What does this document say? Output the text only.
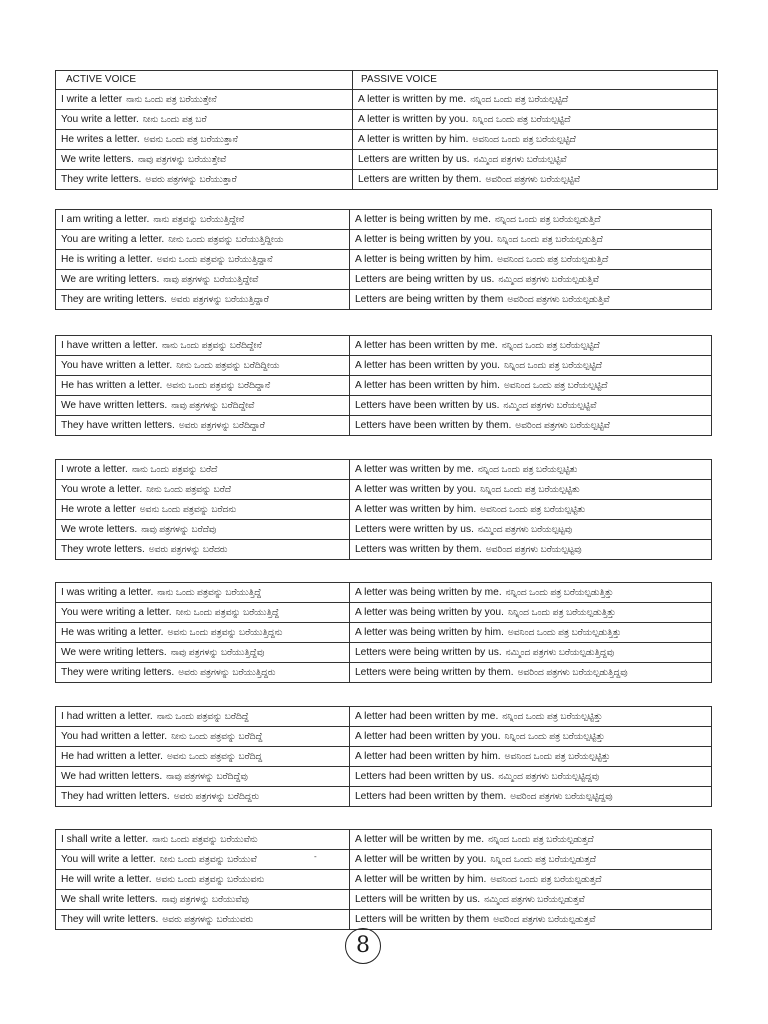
ACTIVE VOICE	PASSIVE VOICE
I write a letter ನಾನು ಒಂದು ಪತ್ರ ಬರೆಯುತ್ತೇನೆ	A letter is written by me. ನನ್ನಿಂದ ಒಂದು ಪತ್ರ ಬರೆಯಲ್ಪಟ್ಟಿದೆ
You write a letter. ನೀನು ಒಂದು ಪತ್ರ ಬರೆ	A letter is written by you. ನಿನ್ನಿಂದ ಒಂದು ಪತ್ರ ಬರೆಯಲ್ಪಟ್ಟಿದೆ
He writes a letter. ಅವನು ಒಂದು ಪತ್ರ ಬರೆಯುತ್ತಾನೆ	A letter is written by him. ಅವನಿಂದ ಒಂದು ಪತ್ರ ಬರೆಯಲ್ಪಟ್ಟಿದೆ
We write letters. ನಾವು ಪತ್ರಗಳನ್ನು ಬರೆಯುತ್ತೇವೆ	Letters are written by us. ನಮ್ಮಿಂದ ಪತ್ರಗಳು ಬರೆಯಲ್ಪಟ್ಟಿವೆ
They write letters. ಅವರು ಪತ್ರಗಳನ್ನು ಬರೆಯುತ್ತಾರೆ	Letters are written by them. ಅವರಿಂದ ಪತ್ರಗಳು ಬರೆಯಲ್ಪಟ್ಟಿವೆ
I am writing a letter. ನಾನು ಪತ್ರವನ್ನು ಬರೆಯುತ್ತಿದ್ದೇನೆ	A letter is being written by me. ನನ್ನಿಂದ ಒಂದು ಪತ್ರ ಬರೆಯಲ್ಪಡುತ್ತಿದೆ
You are writing a letter. ನೀನು ಒಂದು ಪತ್ರವನ್ನು ಬರೆಯುತ್ತಿದ್ದೀಯ	A letter is being written by you. ನಿನ್ನಿಂದ ಒಂದು ಪತ್ರ ಬರೆಯಲ್ಪಡುತ್ತಿದೆ
He is writing a letter. ಅವನು ಒಂದು ಪತ್ರವನ್ನು ಬರೆಯುತ್ತಿದ್ದಾನೆ	A letter is being written by him. ಅವನಿಂದ ಒಂದು ಪತ್ರ ಬರೆಯಲ್ಪಡುತ್ತಿದೆ
We are writing letters. ನಾವು ಪತ್ರಗಳನ್ನು ಬರೆಯುತ್ತಿದ್ದೇವೆ	Letters are being written by us. ನಮ್ಮಿಂದ ಪತ್ರಗಳು ಬರೆಯಲ್ಪಡುತ್ತಿವೆ
They are writing letters. ಅವರು ಪತ್ರಗಳನ್ನು ಬರೆಯುತ್ತಿದ್ದಾರೆ	Letters are being written by them ಅವರಿಂದ ಪತ್ರಗಳು ಬರೆಯಲ್ಪಡುತ್ತಿವೆ
I have written a letter. ನಾನು ಒಂದು ಪತ್ರವನ್ನು ಬರೆದಿದ್ದೇನೆ	A letter has been written by me. ನನ್ನಿಂದ ಒಂದು ಪತ್ರ ಬರೆಯಲ್ಪಟ್ಟಿದೆ
You have written a letter. ನೀನು ಒಂದು ಪತ್ರವನ್ನು ಬರೆದಿದ್ದೀಯ	A letter has been written by you. ನಿನ್ನಿಂದ ಒಂದು ಪತ್ರ ಬರೆಯಲ್ಪಟ್ಟಿದೆ
He has written a letter. ಅವನು ಒಂದು ಪತ್ರವನ್ನು ಬರೆದಿದ್ದಾನೆ	A letter has been written by him. ಅವನಿಂದ ಒಂದು ಪತ್ರ ಬರೆಯಲ್ಪಟ್ಟಿದೆ
We have written letters. ನಾವು ಪತ್ರಗಳನ್ನು ಬರೆದಿದ್ದೇವೆ	Letters have been written by us. ನಮ್ಮಿಂದ ಪತ್ರಗಳು ಬರೆಯಲ್ಪಟ್ಟಿವೆ
They have written letters. ಅವರು ಪತ್ರಗಳನ್ನು ಬರೆದಿದ್ದಾರೆ	Letters have been written by them. ಅವರಿಂದ ಪತ್ರಗಳು ಬರೆಯಲ್ಪಟ್ಟಿವೆ
I wrote a letter. ನಾನು ಒಂದು ಪತ್ರವನ್ನು ಬರೆದೆ	A letter was written by me. ನನ್ನಿಂದ ಒಂದು ಪತ್ರ ಬರೆಯಲ್ಪಟ್ಟಿತು
You wrote a letter. ನೀನು ಒಂದು ಪತ್ರವನ್ನು ಬರೆದೆ	A letter was written by you. ನಿನ್ನಿಂದ ಒಂದು ಪತ್ರ ಬರೆಯಲ್ಪಟ್ಟಿತು
He wrote a letter ಅವನು ಒಂದು ಪತ್ರವನ್ನು ಬರೆದನು	A letter was written by him. ಅವನಿಂದ ಒಂದು ಪತ್ರ ಬರೆಯಲ್ಪಟ್ಟಿತು
We wrote letters. ನಾವು ಪತ್ರಗಳನ್ನು ಬರೆದೆವು	Letters were written by us. ನಮ್ಮಿಂದ ಪತ್ರಗಳು ಬರೆಯಲ್ಪಟ್ಟವು
They wrote letters. ಅವರು ಪತ್ರಗಳನ್ನು ಬರೆದರು	Letters was written by them. ಅವರಿಂದ ಪತ್ರಗಳು ಬರೆಯಲ್ಪಟ್ಟವು
I was writing a letter. ನಾನು ಒಂದು ಪತ್ರವನ್ನು ಬರೆಯುತ್ತಿದ್ದೆ	A letter was being written by me. ನನ್ನಿಂದ ಒಂದು ಪತ್ರ ಬರೆಯಲ್ಪಡುತ್ತಿತ್ತು
You were writing a letter. ನೀನು ಒಂದು ಪತ್ರವನ್ನು ಬರೆಯುತ್ತಿದ್ದೆ	A letter was being written by you. ನಿನ್ನಿಂದ ಒಂದು ಪತ್ರ ಬರೆಯಲ್ಪಡುತ್ತಿತ್ತು
He was writing a letter. ಅವನು ಒಂದು ಪತ್ರವನ್ನು ಬರೆಯುತ್ತಿದ್ದನು	A letter was being written by him. ಅವನಿಂದ ಒಂದು ಪತ್ರ ಬರೆಯಲ್ಪಡುತ್ತಿತ್ತು
We were writing letters. ನಾವು ಪತ್ರಗಳನ್ನು ಬರೆಯುತ್ತಿದ್ದೆವು	Letters were being written by us. ನಮ್ಮಿಂದ ಪತ್ರಗಳು ಬರೆಯಲ್ಪಡುತ್ತಿದ್ದವು
They were writing letters. ಅವರು ಪತ್ರಗಳನ್ನು ಬರೆಯುತ್ತಿದ್ದರು	Letters were being written by them. ಅವರಿಂದ ಪತ್ರಗಳು ಬರೆಯಲ್ಪಡುತ್ತಿದ್ದವು
I had written a letter. ನಾನು ಒಂದು ಪತ್ರವನ್ನು ಬರೆದಿದ್ದೆ	A letter had been written by me. ನನ್ನಿಂದ ಒಂದು ಪತ್ರ ಬರೆಯಲ್ಪಟ್ಟಿತ್ತು
You had written a letter. ನೀನು ಒಂದು ಪತ್ರವನ್ನು ಬರೆದಿದ್ದೆ	A letter had been written by you. ನಿನ್ನಿಂದ ಒಂದು ಪತ್ರ ಬರೆಯಲ್ಪಟ್ಟಿತ್ತು
He had written a letter. ಅವನು ಒಂದು ಪತ್ರವನ್ನು ಬರೆದಿದ್ದ	A letter had been written by him. ಅವನಿಂದ ಒಂದು ಪತ್ರ ಬರೆಯಲ್ಪಟ್ಟಿತ್ತು
We had written letters. ನಾವು ಪತ್ರಗಳನ್ನು ಬರೆದಿದ್ದೆವು	Letters had been written by us. ನಮ್ಮಿಂದ ಪತ್ರಗಳು ಬರೆಯಲ್ಪಟ್ಟಿದ್ದವು
They had written letters. ಅವರು ಪತ್ರಗಳನ್ನು ಬರೆದಿದ್ದರು	Letters had been written by them. ಅವರಿಂದ ಪತ್ರಗಳು ಬರೆಯಲ್ಪಟ್ಟಿದ್ದವು
I shall write a letter. ನಾನು ಒಂದು ಪತ್ರವನ್ನು ಬರೆಯುವೆನು	A letter will be written by me. ನನ್ನಿಂದ ಒಂದು ಪತ್ರ ಬರೆಯಲ್ಪಡುತ್ತದೆ
You will write a letter. ನೀನು ಒಂದು ಪತ್ರವನ್ನು ಬರೆಯುವೆ	A letter will be written by you. ನಿನ್ನಿಂದ ಒಂದು ಪತ್ರ ಬರೆಯಲ್ಪಡುತ್ತದೆ
He will write a letter. ಅವನು ಒಂದು ಪತ್ರವನ್ನು ಬರೆಯುವನು	A letter will be written by him. ಅವನಿಂದ ಒಂದು ಪತ್ರ ಬರೆಯಲ್ಪಡುತ್ತದೆ
We shall write letters. ನಾವು ಪತ್ರಗಳನ್ನು ಬರೆಯುವೆವು	Letters will be written by us. ನಮ್ಮಿಂದ ಪತ್ರಗಳು ಬರೆಯಲ್ಪಡುತ್ತವೆ
They will write letters. ಅವರು ಪತ್ರಗಳನ್ನು ಬರೆಯುವರು	Letters will be written by them ಅವರಿಂದ ಪತ್ರಗಳು ಬರೆಯಲ್ಪಡುತ್ತವೆ
-
8
